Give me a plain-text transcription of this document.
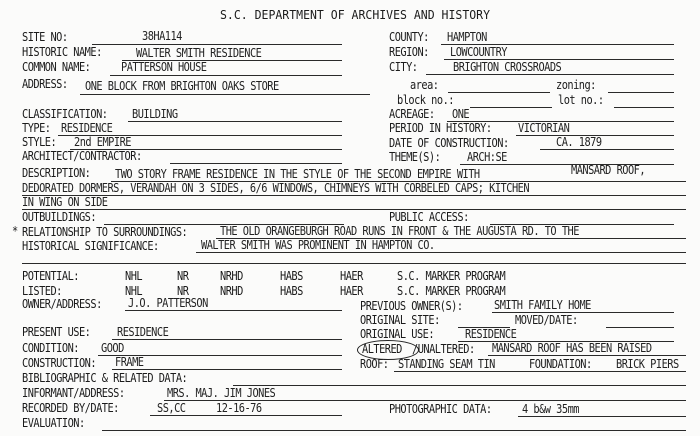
S.C. DEPARTMENT OF ARCHIVES AND HISTORY
SITE NO:	38HA114	COUNTY: HAMPTON
HISTORIC NAME:	WALTER SMITH RESIDENCE	REGION: LOWCOUNTRY
COMMON NAME:	PATTERSON HOUSE	CITY:	BRIGHTON CROSSROADS
ADDRESS: ONE BLOCK FROM BRIGHTON OAKS STORE	area:	zoning:
block no.:	lot no.:
CLASSIFICATION: BUILDING	ACREAGE: ONE
TYPE: RESIDENCE	PERIOD IN HISTORY: VICTORIAN
STYLE: 2nd EMPIRE	DATE OF CONSTRUCTION:	CA. 1879
ARCHITECT/CONTRACTOR:	THEME(S): ARCH:SE
DESCRIPTION: TWO STORY FRAME RESIDENCE IN THE STYLE OF THE SECOND EMPIRE WITH	MANSARD ROOF,
DEDORATED DORMERS, VERANDAH ON 3 SIDES, 6/6 WINDOWS, CHIMNEYS WITH CORBELED CAPS; KITCHEN
IN WING ON SIDE
OUTBUILDINGS:	PUBLIC ACCESS:
* RELATIONSHIP TO SURROUNDINGS:	THE OLD ORANGEBURGH ROAD RUNS IN FRONT & THE AUGUSTA RD. TO THE
HISTORICAL SIGNIFICANCE:	WALTER SMITH WAS PROMINENT IN HAMPTON CO.
POTENTIAL:	NHL	NR	NRHD	HABS	HAER	S.C. MARKER PROGRAM
LISTED:	NHL	NR	NRHD	HABS	HAER	S.C. MARKER PROGRAM
OWNER/ADDRESS: J.O. PATTERSON	PREVIOUS OWNER(S):	SMITH FAMILY HOME
ORIGINAL SITE:	MOVED/DATE:
PRESENT USE: RESIDENCE	ORIGINAL USE:	RESIDENCE
CONDITION: GOOD	ALTERED /UNALTERED: MANSARD ROOF HAS BEEN RAISED
CONSTRUCTION: FRAME	ROOF: STANDING SEAM TIN	FOUNDATION: BRICK PIERS
BIBLIOGRAPHIC & RELATED DATA:
INFORMANT/ADDRESS:	MRS. MAJ. JIM JONES
RECORDED BY/DATE:	SS,CC	12-16-76	PHOTOGRAPHIC DATA:	4 b&w 35mm
EVALUATION:
